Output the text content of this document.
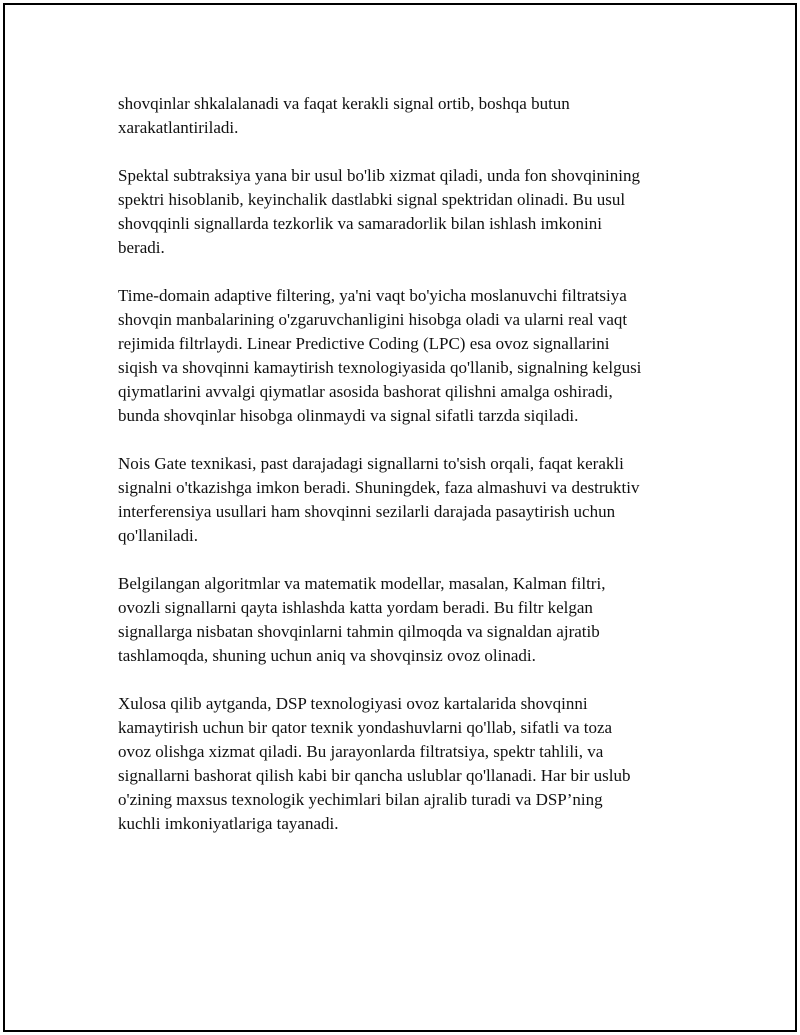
shovqinlar shkalalanadi va faqat kerakli signal ortib, boshqa butun
xarakatlantiriladi.

Spektal subtraksiya yana bir usul bo'lib xizmat qiladi, unda fon shovqinining
spektri hisoblanib, keyinchalik dastlabki signal spektridan olinadi. Bu usul
shovqqinli signallarda tezkorlik va samaradorlik bilan ishlash imkonini
beradi.

Time-domain adaptive filtering, ya'ni vaqt bo'yicha moslanuvchi filtratsiya
shovqin manbalarining o'zgaruvchanligini hisobga oladi va ularni real vaqt
rejimida filtrlaydi. Linear Predictive Coding (LPC) esa ovoz signallarini
siqish va shovqinni kamaytirish texnologiyasida qo'llanib, signalning kelgusi
qiymatlarini avvalgi qiymatlar asosida bashorat qilishni amalga oshiradi,
bunda shovqinlar hisobga olinmaydi va signal sifatli tarzda siqiladi.

Nois Gate texnikasi, past darajadagi signallarni to'sish orqali, faqat kerakli
signalni o'tkazishga imkon beradi. Shuningdek, faza almashuvi va destruktiv
interferensiya usullari ham shovqinni sezilarli darajada pasaytirish uchun
qo'llaniladi.

Belgilangan algoritmlar va matematik modellar, masalan, Kalman filtri,
ovozli signallarni qayta ishlashda katta yordam beradi. Bu filtr kelgan
signallarga nisbatan shovqinlarni tahmin qilmoqda va signaldan ajratib
tashlamoqda, shuning uchun aniq va shovqinsiz ovoz olinadi.

Xulosa qilib aytganda, DSP texnologiyasi ovoz kartalarida shovqinni
kamaytirish uchun bir qator texnik yondashuvlarni qo'llab, sifatli va toza
ovoz olishga xizmat qiladi. Bu jarayonlarda filtratsiya, spektr tahlili, va
signallarni bashorat qilish kabi bir qancha uslublar qo'llanadi. Har bir uslub
o'zining maxsus texnologik yechimlari bilan ajralib turadi va DSP’ning
kuchli imkoniyatlariga tayanadi.
